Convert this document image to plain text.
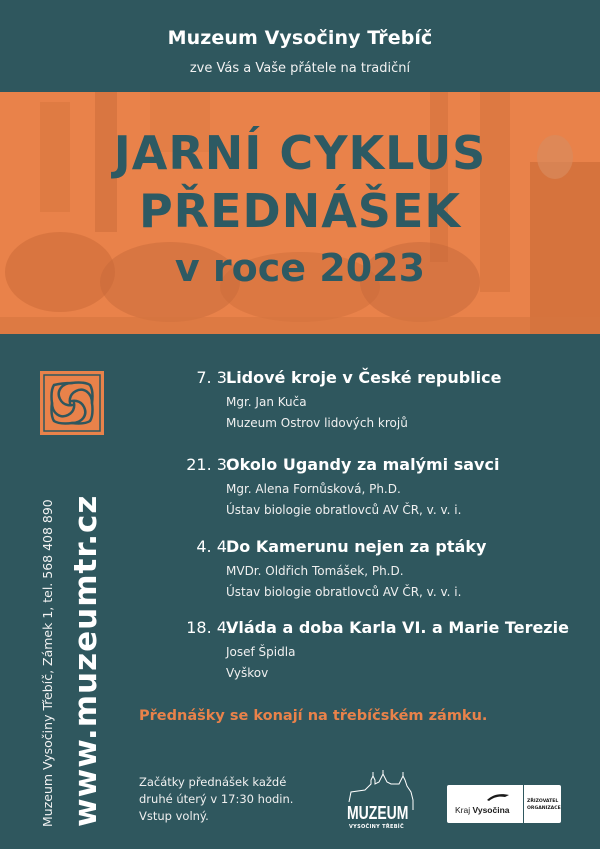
Muzeum Vysočiny Třebíč
zve Vás a Vaše přátele na tradiční
JARNÍ CYKLUS
PŘEDNÁŠEK
v roce 2023
Muzeum Vysočiny Třebíč, Zámek 1, tel. 568 408 890 www.muzeumtr.cz
7. 3.
Lidové kroje v České republice
Mgr. Jan Kuča
Muzeum Ostrov lidových krojů
21. 3.
Okolo Ugandy za malými savci
Mgr. Alena Fornůsková, Ph.D.
Ústav biologie obratlovců AV ČR, v. v. i.
4. 4.
Do Kamerunu nejen za ptáky
MVDr. Oldřich Tomášek, Ph.D.
Ústav biologie obratlovců AV ČR, v. v. i.
18. 4.
Vláda a doba Karla VI. a Marie Terezie
Josef Špidla
Vyškov
Přednášky se konají na třebíčském zámku.
Začátky přednášek každé
druhé úterý v 17:30 hodin.
Vstup volný.	MUZEUM
VYSOČINY TŘEBÍČ
Kraj Vysočina
ZŘIZOVATEL
ORGANIZACE
